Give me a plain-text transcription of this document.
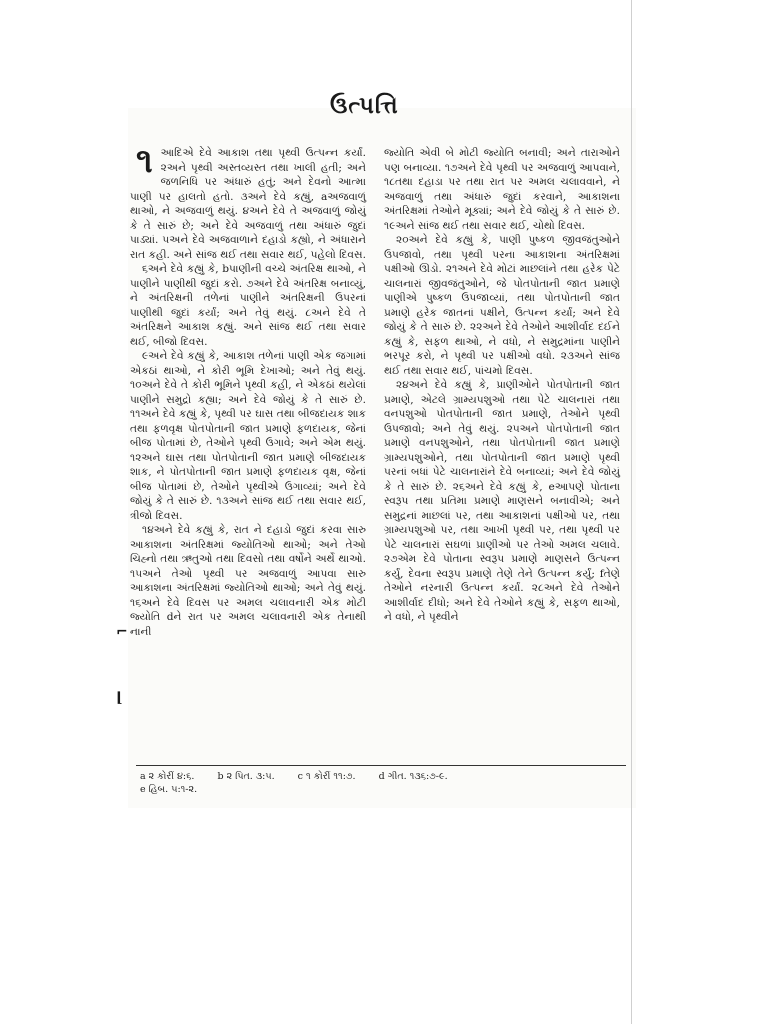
ઉત્પત્તિ

૧ આદિએ દેવે આકાશ તથા પૃથ્વી ઉત્પન્ન કર્યાં. ૨અને પૃથ્વી અસ્તવ્યસ્ત તથા ખાલી હતી; અને જળનિધિ પર અંધારું હતું; અને દેવનો આત્મા પાણી પર હાલતો હતો. ૩અને દેવે કહ્યું, aઅજવાળું થાઓ, ને અજવાળું થયું. ૪અને દેવે તે અજવાળું જોયું કે તે સારું છે; અને દેવે અજવાળું તથા અંધારું જુદાં પાડ્યાં. ૫અને દેવે અજવાળાને દહાડો કહ્યો, ને અંધારાને રાત કહી. અને સાંજ થઈ તથા સવાર થઈ, પહેલો દિવસ.

૬અને દેવે કહ્યું કે, bપાણીની વચ્ચે અંતરિક્ષ થાઓ, ને પાણીને પાણીથી જુદાં કરો. ૭અને દેવે અંતરિક્ષ બનાવ્યું, ને અંતરિક્ષની તળેનાં પાણીને અંતરિક્ષની ઉપરનાં પાણીથી જુદાં કર્યાં; અને તેવું થયું. ૮અને દેવે તે અંતરિક્ષને આકાશ કહ્યું. અને સાંજ થઈ તથા સવાર થઈ, બીજો દિવસ.

૯અને દેવે કહ્યું કે, આકાશ તળેનાં પાણી એક જગામાં એકઠાં થાઓ, ને કોરી ભૂમિ દેખાઓ; અને તેવું થયું. ૧૦અને દેવે તે કોરી ભૂમિને પૃથ્વી કહી, ને એકઠાં થયેલાં પાણીને સમુદ્રો કહ્યા; અને દેવે જોયું કે તે સારું છે. ૧૧અને દેવે કહ્યું કે, પૃથ્વી પર ઘાસ તથા બીજદાયક શાક તથા ફળવૃક્ષ પોતપોતાની જાત પ્રમાણે ફળદાયક, જેનાં બીજ પોતામાં છે, તેઓને પૃથ્વી ઉગાવે; અને એમ થયું. ૧૨અને ઘાસ તથા પોતપોતાની જાત પ્રમાણે બીજદાયક શાક, ને પોતપોતાની જાત પ્રમાણે ફળદાયક વૃક્ષ, જેનાં બીજ પોતામાં છે, તેઓને પૃથ્વીએ ઉગાવ્યાં; અને દેવે જોયું કે તે સારું છે. ૧૩અને સાંજ થઈ તથા સવાર થઈ, ત્રીજો દિવસ.

૧૪અને દેવે કહ્યું કે, રાત ને દહાડો જુદાં કરવા સારુ આકાશના અંતરિક્ષમાં જ્યોતિઓ થાઓ; અને તેઓ ચિહ્નો તથા ઋતુઓ તથા દિવસો તથા વર્ષોને અર્થે થાઓ. ૧૫અને તેઓ પૃથ્વી પર અજવાળું આપવા સારુ આકાશના અંતરિક્ષમાં જ્યોતિઓ થાઓ; અને તેવું થયું. ૧૬અને દેવે દિવસ પર અમલ ચલાવનારી એક મોટી જ્યોતિ dને રાત પર અમલ ચલાવનારી એક તેનાથી નાની

જ્યોતિ એવી બે મોટી જ્યોતિ બનાવી; અને તારાઓને પણ બનાવ્યા. ૧૭અને દેવે પૃથ્વી પર અજવાળું આપવાને, ૧૮તથા દહાડા પર તથા રાત પર અમલ ચલાવવાને, ને અજવાળું તથા અંધારું જુદાં કરવાને, આકાશના અંતરિક્ષમાં તેઓને મૂક્યાં; અને દેવે જોયું કે તે સારું છે. ૧૯અને સાંજ થઈ તથા સવાર થઈ, ચોથો દિવસ.

૨૦અને દેવે કહ્યું કે, પાણી પુષ્કળ જીવજંતુઓને ઉપજાવો, તથા પૃથ્વી પરના આકાશના અંતરિક્ષમાં પક્ષીઓ ઊડો. ૨૧અને દેવે મોટાં માછલાંને તથા હરેક પેટે ચાલનારાં જીવજંતુઓને, જે પોતપોતાની જાત પ્રમાણે પાણીએ પુષ્કળ ઉપજાવ્યાં, તથા પોતપોતાની જાત પ્રમાણે હરેક જાતનાં પક્ષીને, ઉત્પન્ન કર્યાં; અને દેવે જોયું કે તે સારું છે. ૨૨અને દેવે તેઓને આશીર્વાદ દઈને કહ્યું કે, સફળ થાઓ, ને વધો, ને સમુદ્રમાંના પાણીને ભરપૂર કરો, ને પૃથ્વી પર પક્ષીઓ વધો. ૨૩અને સાંજ થઈ તથા સવાર થઈ, પાંચમો દિવસ.

૨૪અને દેવે કહ્યું કે, પ્રાણીઓને પોતપોતાની જાત પ્રમાણે, એટલે ગ્રામ્યપશુઓ તથા પેટે ચાલનારાં તથા વનપશુઓ પોતપોતાની જાત પ્રમાણે, તેઓને પૃથ્વી ઉપજાવો; અને તેવું થયું. ૨૫અને પોતપોતાની જાત પ્રમાણે વનપશુઓને, તથા પોતપોતાની જાત પ્રમાણે ગ્રામ્યપશુઓને, તથા પોતપોતાની જાત પ્રમાણે પૃથ્વી પરનાં બધાં પેટે ચાલનારાંને દેવે બનાવ્યાં; અને દેવે જોયું કે તે સારું છે. ૨૬અને દેવે કહ્યું કે, eઆપણે પોતાના સ્વરૂપ તથા પ્રતિમા પ્રમાણે માણસને બનાવીએ; અને સમુદ્રનાં માછલાં પર, તથા આકાશનાં પક્ષીઓ પર, તથા ગ્રામ્યપશુઓ પર, તથા આખી પૃથ્વી પર, તથા પૃથ્વી પર પેટે ચાલનારાં સઘળાં પ્રાણીઓ પર તેઓ અમલ ચલાવે. ૨૭એમ દેવે પોતાના સ્વરૂપ પ્રમાણે માણસને ઉત્પન્ન કર્યું, દેવના સ્વરૂપ પ્રમાણે તેણે તેને ઉત્પન્ન કર્યું; fતેણે તેઓને નરનારી ઉત્પન્ન કર્યાં. ૨૮અને દેવે તેઓને આશીર્વાદ દીધો; અને દેવે તેઓને કહ્યું કે, સફળ થાઓ, ને વધો, ને પૃથ્વીને

⌐
⌊
a ૨ કોરીં ૪:૬. b ૨ પિત. ૩:૫. c ૧ કોરીં ૧૧:૭. d ગીત. ૧૩૬:૭-૯.
e હિબ. ૫:૧-૨.
